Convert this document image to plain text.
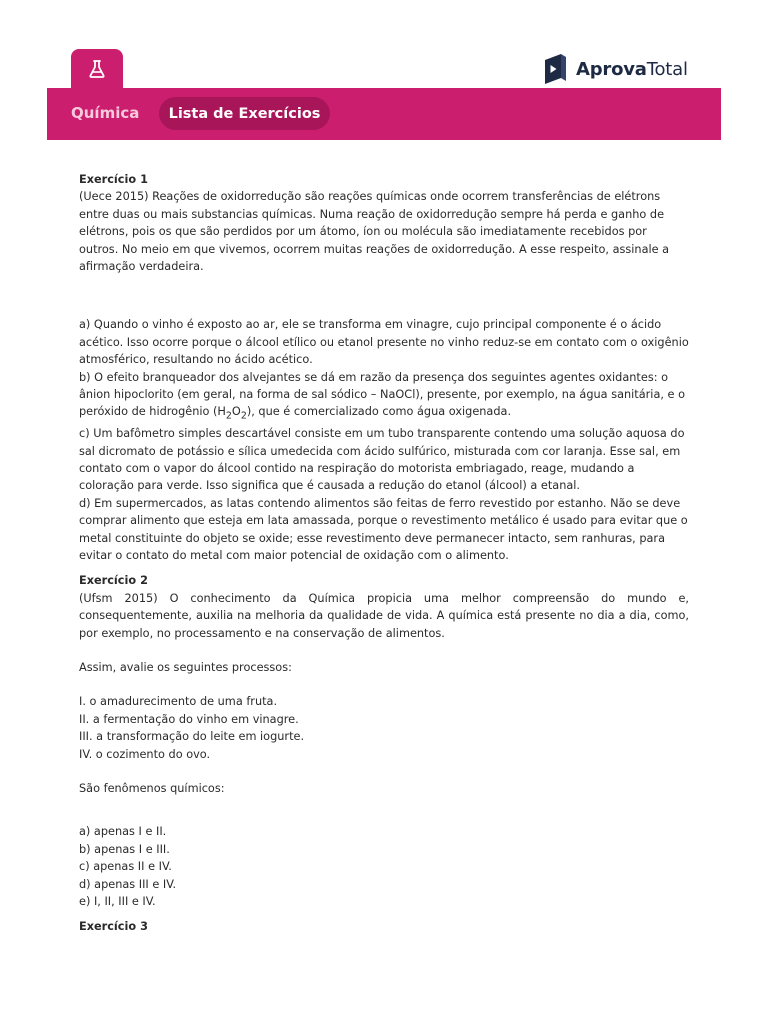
AprovaTotal
Química	Lista de Exercícios

Exercício 1

(Uece 2015) Reações de oxidorredução são reações químicas onde ocorrem transferências de elétrons entre duas ou mais substancias químicas. Numa reação de oxidorredução sempre há perda e ganho de elétrons, pois os que são perdidos por um átomo, íon ou molécula são imediatamente recebidos por outros. No meio em que vivemos, ocorrem muitas reações de oxidorredução. A esse respeito, assinale a afirmação verdadeira.

a) Quando o vinho é exposto ao ar, ele se transforma em vinagre, cujo principal componente é o ácido acético. Isso ocorre porque o álcool etílico ou etanol presente no vinho reduz-se em contato com o oxigênio atmosférico, resultando no ácido acético.

b) O efeito branqueador dos alvejantes se dá em razão da presença dos seguintes agentes oxidantes: o ânion hipoclorito (em geral, na forma de sal sódico – NaOCl), presente, por exemplo, na água sanitária, e o peróxido de hidrogênio $(H_2O_2)$, que é comercializado como água oxigenada.

c) Um bafômetro simples descartável consiste em um tubo transparente contendo uma solução aquosa do sal dicromato de potássio e sílica umedecida com ácido sulfúrico, misturada com cor laranja. Esse sal, em contato com o vapor do álcool contido na respiração do motorista embriagado, reage, mudando a coloração para verde. Isso significa que é causada a redução do etanol (álcool) a etanal.

d) Em supermercados, as latas contendo alimentos são feitas de ferro revestido por estanho. Não se deve comprar alimento que esteja em lata amassada, porque o revestimento metálico é usado para evitar que o metal constituinte do objeto se oxide; esse revestimento deve permanecer intacto, sem ranhuras, para evitar o contato do metal com maior potencial de oxidação com o alimento.

Exercício 2

(Ufsm 2015) O conhecimento da Química propicia uma melhor compreensão do mundo e, consequentemente, auxilia na melhoria da qualidade de vida. A química está presente no dia a dia, como, por exemplo, no processamento e na conservação de alimentos.

Assim, avalie os seguintes processos:

I. o amadurecimento de uma fruta.

II. a fermentação do vinho em vinagre.

III. a transformação do leite em iogurte.

IV. o cozimento do ovo.

São fenômenos químicos:

a) apenas I e II.

b) apenas I e III.

c) apenas II e IV.

d) apenas III e IV.

e) I, II, III e IV.

Exercício 3
